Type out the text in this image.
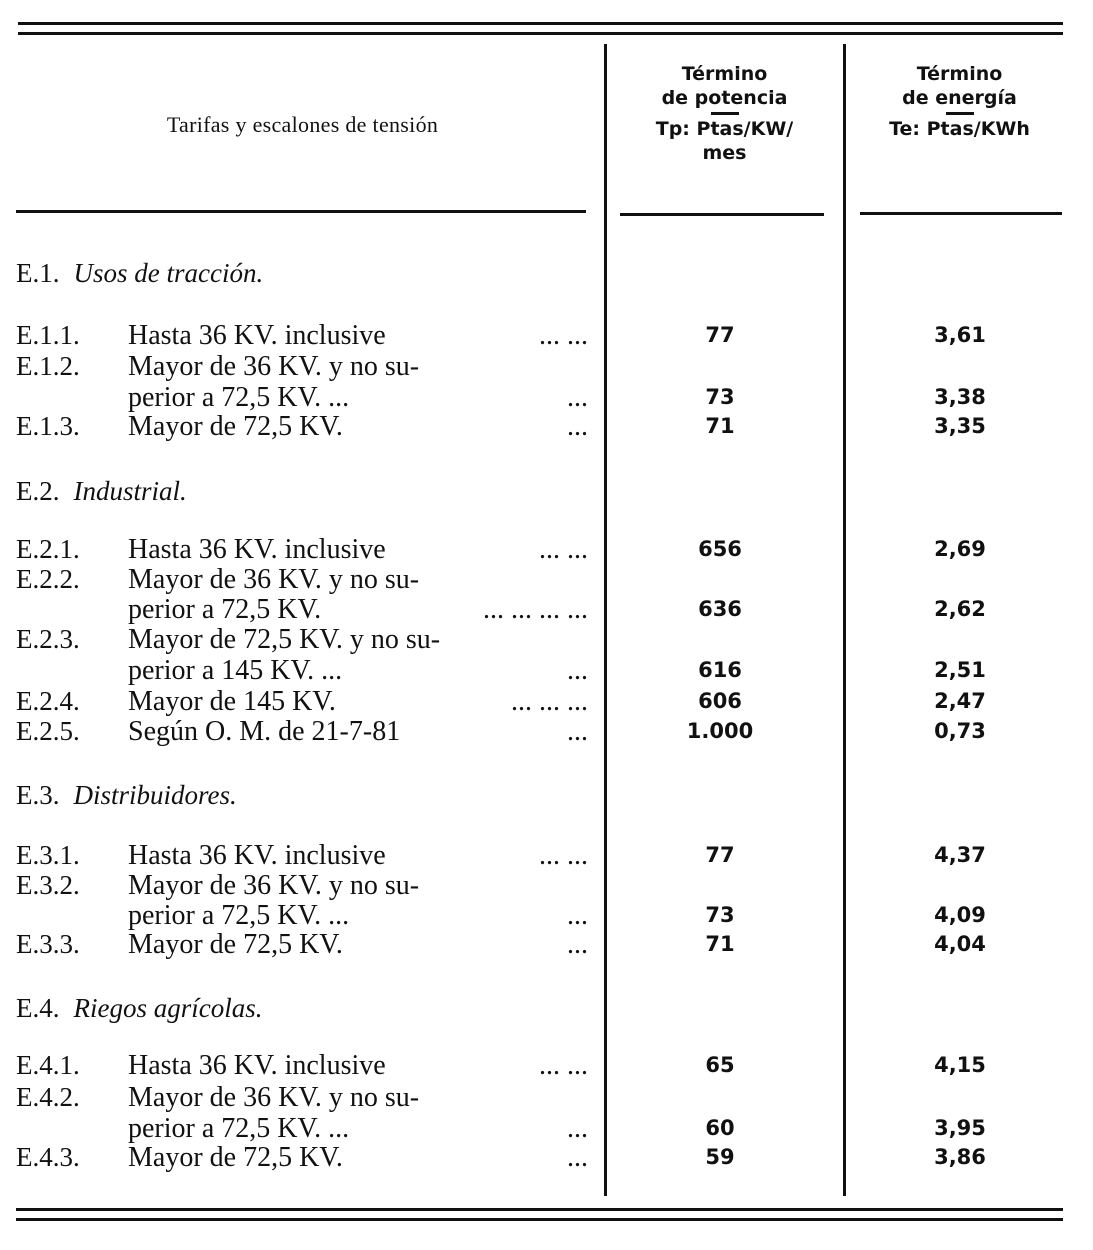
Tarifas y escalones de tensión
Término
de potencia
Tp: Ptas/KW/
mes
Término
de energía
Te: Ptas/KWh
E.1. Usos de tracción.
E.1.1. Hasta 36 KV. inclusive	... ...	77	3,61
E.1.2. Mayor de 36 KV. y no su-
perior a 72,5 KV. ...	...	73	3,38
E.1.3. Mayor de 72,5 KV.	...	71	3,35
E.2. Industrial.
E.2.1. Hasta 36 KV. inclusive	... ...	656	2,69
E.2.2. Mayor de 36 KV. y no su-
perior a 72,5 KV.	... ... ... ...	636	2,62
E.2.3. Mayor de 72,5 KV. y no su-
perior a 145 KV. ...	...	616	2,51
E.2.4. Mayor de 145 KV.	... ... ...	606	2,47
E.2.5. Según O. M. de 21-7-81	...	1.000	0,73
E.3. Distribuidores.
E.3.1. Hasta 36 KV. inclusive	... ...	77	4,37
E.3.2. Mayor de 36 KV. y no su-
perior a 72,5 KV. ...	...	73	4,09
E.3.3. Mayor de 72,5 KV.	...	71	4,04
E.4. Riegos agrícolas.
E.4.1. Hasta 36 KV. inclusive	... ...	65	4,15
E.4.2. Mayor de 36 KV. y no su-
perior a 72,5 KV. ...	...	60	3,95
E.4.3. Mayor de 72,5 KV.	...	59	3,86
